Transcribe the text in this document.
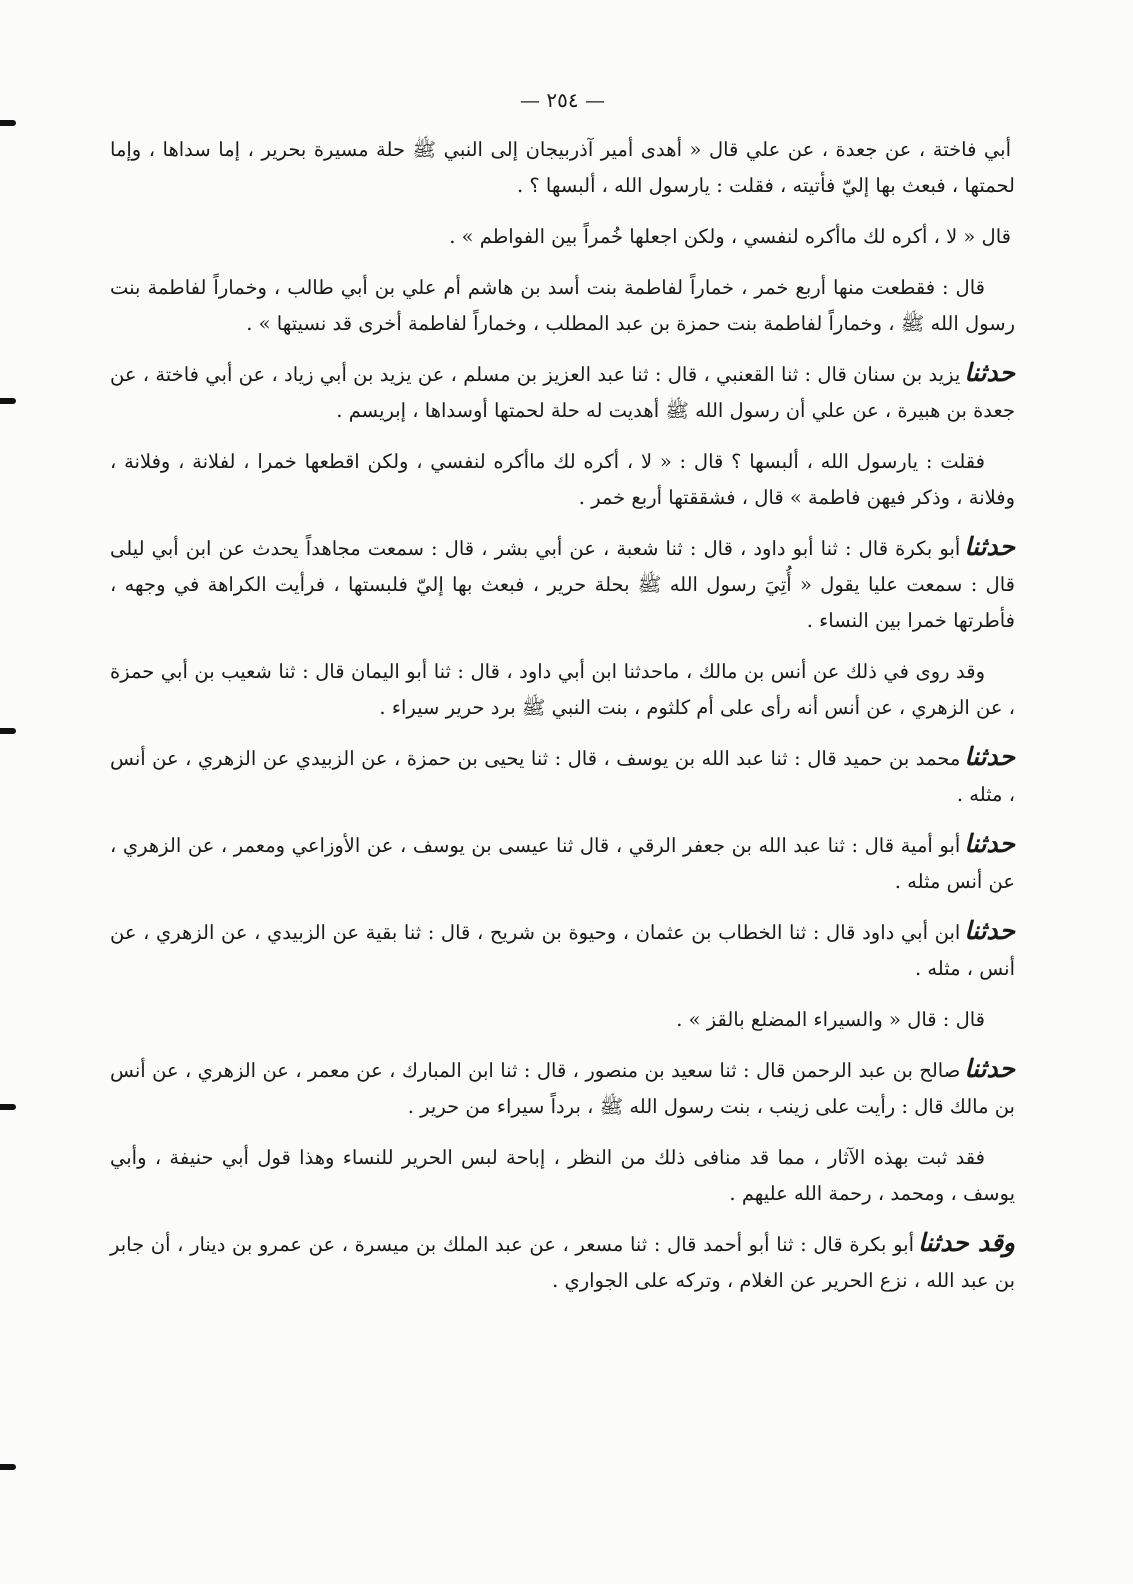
— ٢٥٤ —

أبي فاختة ، عن جعدة ، عن علي قال « أهدى أمير آذربيجان إلى النبي ﷺ حلة مسيرة بحرير ، إما سداها ، وإما لحمتها ، فبعث بها إليّ فأتيته ، فقلت : يارسول الله ، ألبسها ؟ .

قال « لا ، أكره لك ماأكره لنفسي ، ولكن اجعلها خُمراً بين الفواطم » .

قال : فقطعت منها أربع خمر ، خماراً لفاطمة بنت أسد بن هاشم أم علي بن أبي طالب ، وخماراً لفاطمة بنت رسول الله ﷺ ، وخماراً لفاطمة بنت حمزة بن عبد المطلب ، وخماراً لفاطمة أخرى قد نسيتها » .

حدثنايزيد بن سنان قال : ثنا القعنبي ، قال : ثنا عبد العزيز بن مسلم ، عن يزيد بن أبي زياد ، عن أبي فاختة ، عن جعدة بن هبيرة ، عن علي أن رسول الله ﷺ أهديت له حلة لحمتها أوسداها ، إبريسم .

فقلت : يارسول الله ، ألبسها ؟ قال : « لا ، أكره لك ماأكره لنفسي ، ولكن اقطعها خمرا ، لفلانة ، وفلانة ، وفلانة ، وذكر فيهن فاطمة » قال ، فشققتها أربع خمر .

حدثناأبو بكرة قال : ثنا أبو داود ، قال : ثنا شعبة ، عن أبي بشر ، قال : سمعت مجاهداً يحدث عن ابن أبي ليلى قال : سمعت عليا يقول « أُتِيَ رسول الله ﷺ بحلة حرير ، فبعث بها إليّ فلبستها ، فرأيت الكراهة في وجهه ، فأطرتها خمرا بين النساء .

وقد روى في ذلك عن أنس بن مالك ، ماحدثنا ابن أبي داود ، قال : ثنا أبو اليمان قال : ثنا شعيب بن أبي حمزة ، عن الزهري ، عن أنس أنه رأى على أم كلثوم ، بنت النبي ﷺ برد حرير سيراء .

حدثنامحمد بن حميد قال : ثنا عبد الله بن يوسف ، قال : ثنا يحيى بن حمزة ، عن الزبيدي عن الزهري ، عن أنس ، مثله .

حدثناأبو أمية قال : ثنا عبد الله بن جعفر الرقي ، قال ثنا عيسى بن يوسف ، عن الأوزاعي ومعمر ، عن الزهري ، عن أنس مثله .

حدثناابن أبي داود قال : ثنا الخطاب بن عثمان ، وحيوة بن شريح ، قال : ثنا بقية عن الزبيدي ، عن الزهري ، عن أنس ، مثله .

قال : قال « والسيراء المضلع بالقز » .

حدثناصالح بن عبد الرحمن قال : ثنا سعيد بن منصور ، قال : ثنا ابن المبارك ، عن معمر ، عن الزهري ، عن أنس بن مالك قال : رأيت على زينب ، بنت رسول الله ﷺ ، برداً سيراء من حرير .

فقد ثبت بهذه الآثار ، مما قد منافى ذلك من النظر ، إباحة لبس الحرير للنساء وهذا قول أبي حنيفة ، وأبي يوسف ، ومحمد ، رحمة الله عليهم .

وقد حدثناأبو بكرة قال : ثنا أبو أحمد قال : ثنا مسعر ، عن عبد الملك بن ميسرة ، عن عمرو بن دينار ، أن جابر بن عبد الله ، نزع الحرير عن الغلام ، وتركه على الجواري .
